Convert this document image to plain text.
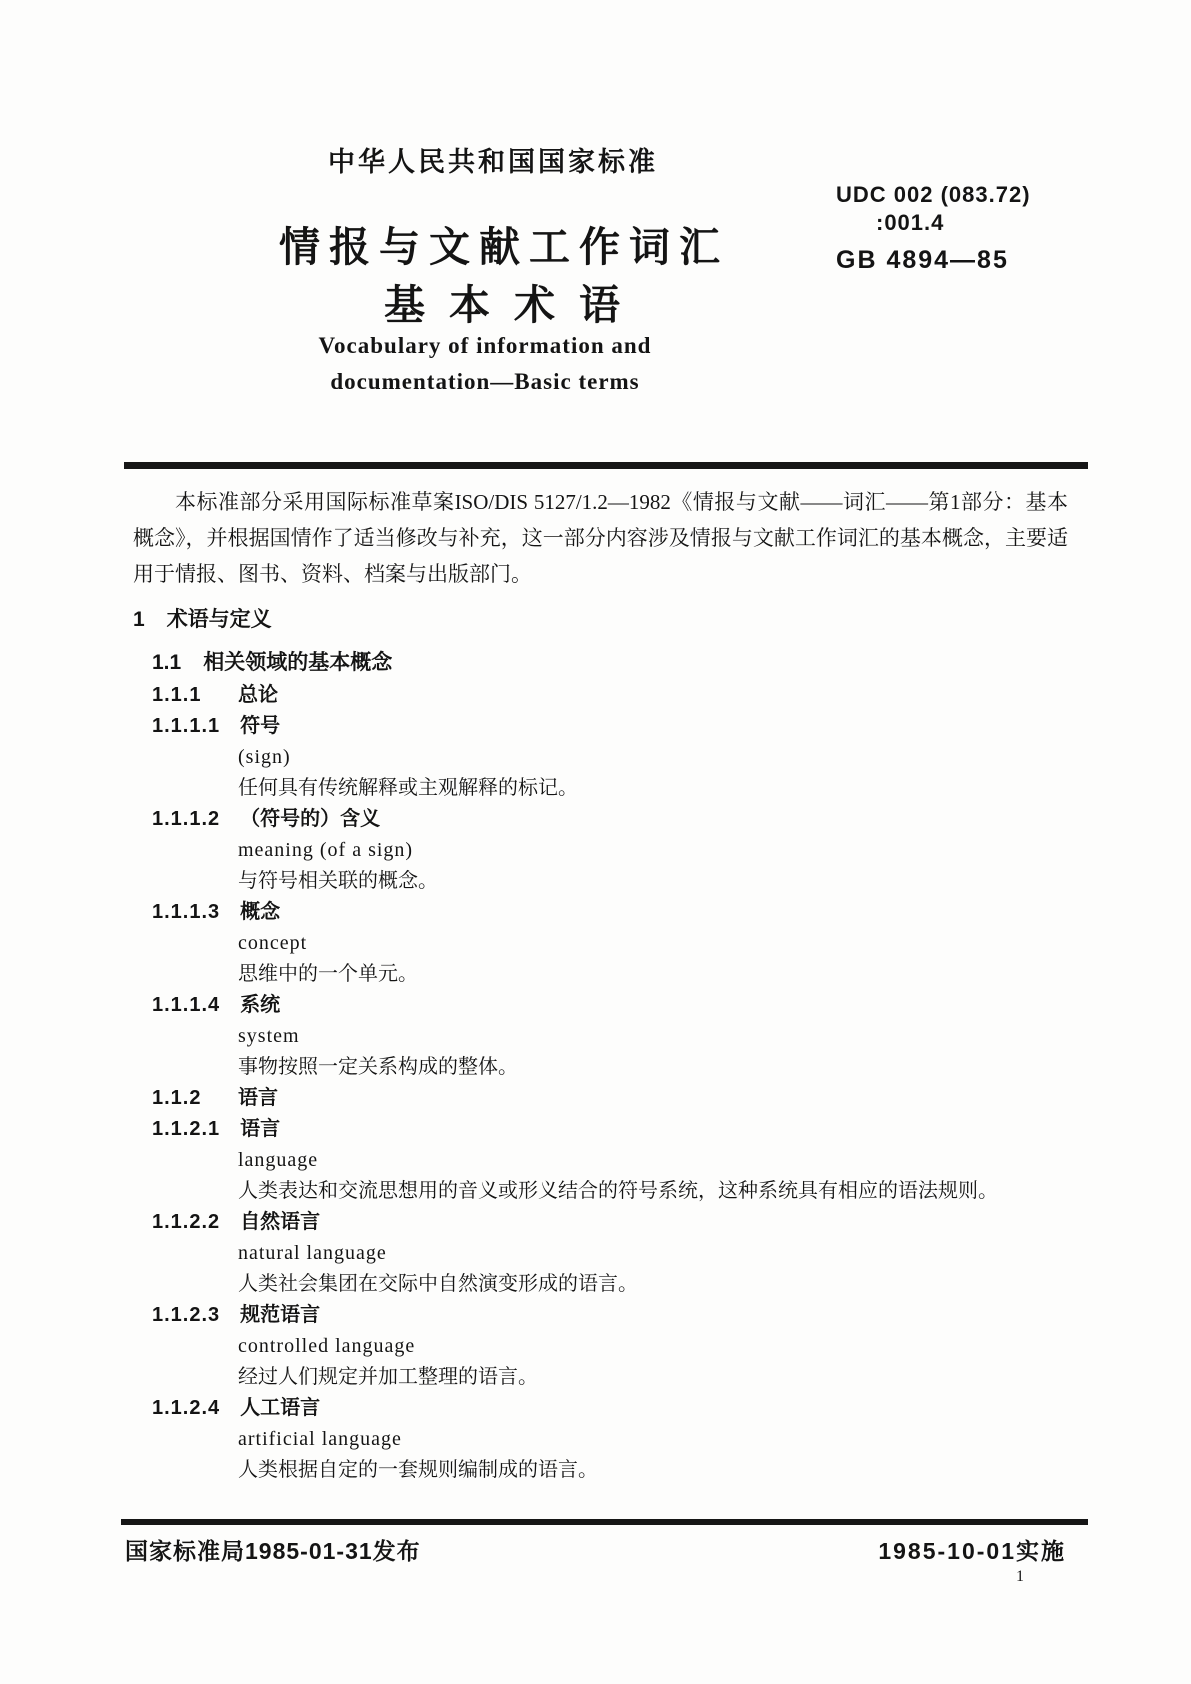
中华人民共和国国家标准
情报与文献工作词汇
基本术语
UDC 002 (083.72)
:001.4
GB 4894—85
Vocabulary of information and
documentation—Basic terms
本标准部分采用国际标准草案ISO/DIS 5127/1.2—1982《情报与文献——词汇——第1部分：基本概念》，并根据国情作了适当修改与补充，这一部分内容涉及情报与文献工作词汇的基本概念，主要适用于情报、图书、资料、档案与出版部门。
1 术语与定义
1.1 相关领域的基本概念
1.1.1 总论
1.1.1.1 符号
(sign)
任何具有传统解释或主观解释的标记。
1.1.1.2 （符号的）含义
meaning (of a sign)
与符号相关联的概念。
1.1.1.3 概念
concept
思维中的一个单元。
1.1.1.4 系统
system
事物按照一定关系构成的整体。
1.1.2 语言
1.1.2.1 语言
language
人类表达和交流思想用的音义或形义结合的符号系统，这种系统具有相应的语法规则。
1.1.2.2 自然语言
natural language
人类社会集团在交际中自然演变形成的语言。
1.1.2.3 规范语言
controlled language
经过人们规定并加工整理的语言。
1.1.2.4 人工语言
artificial language
人类根据自定的一套规则编制成的语言。
国家标准局1985-01-31发布	1985-10-01实施
1
